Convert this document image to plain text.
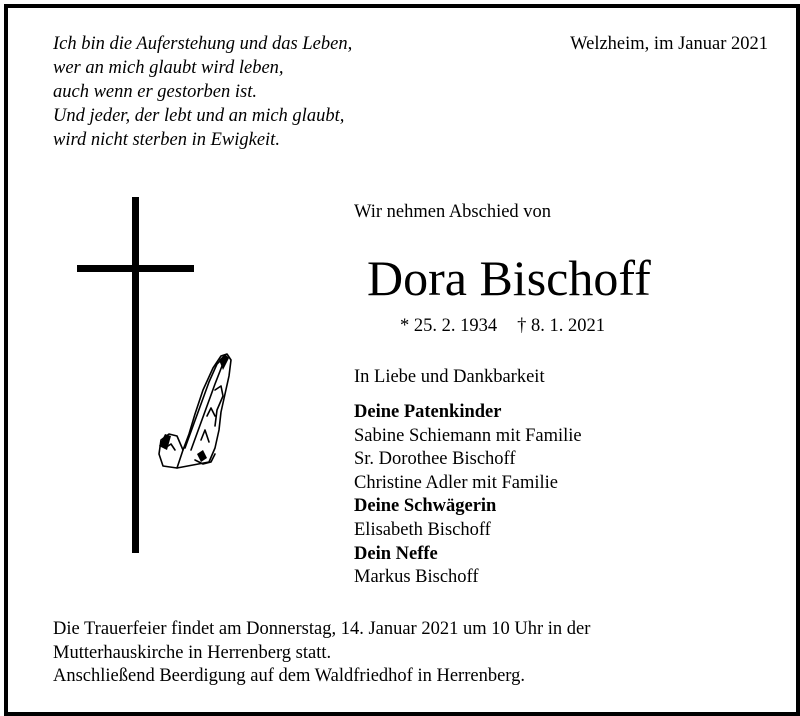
Ich bin die Auferstehung und das Leben,
wer an mich glaubt wird leben,
auch wenn er gestorben ist.
Und jeder, der lebt und an mich glaubt,
wird nicht sterben in Ewigkeit.
Welzheim, im Januar 2021
Wir nehmen Abschied von
Dora Bischoff
* 25. 2. 1934 † 8. 1. 2021
In Liebe und Dankbarkeit
Deine Patenkinder
Sabine Schiemann mit Familie
Sr. Dorothee Bischoff
Christine Adler mit Familie
Deine Schwägerin
Elisabeth Bischoff
Dein Neffe
Markus Bischoff
Die Trauerfeier findet am Donnerstag, 14. Januar 2021 um 10 Uhr in der
Mutterhauskirche in Herrenberg statt.
Anschließend Beerdigung auf dem Waldfriedhof in Herrenberg.
